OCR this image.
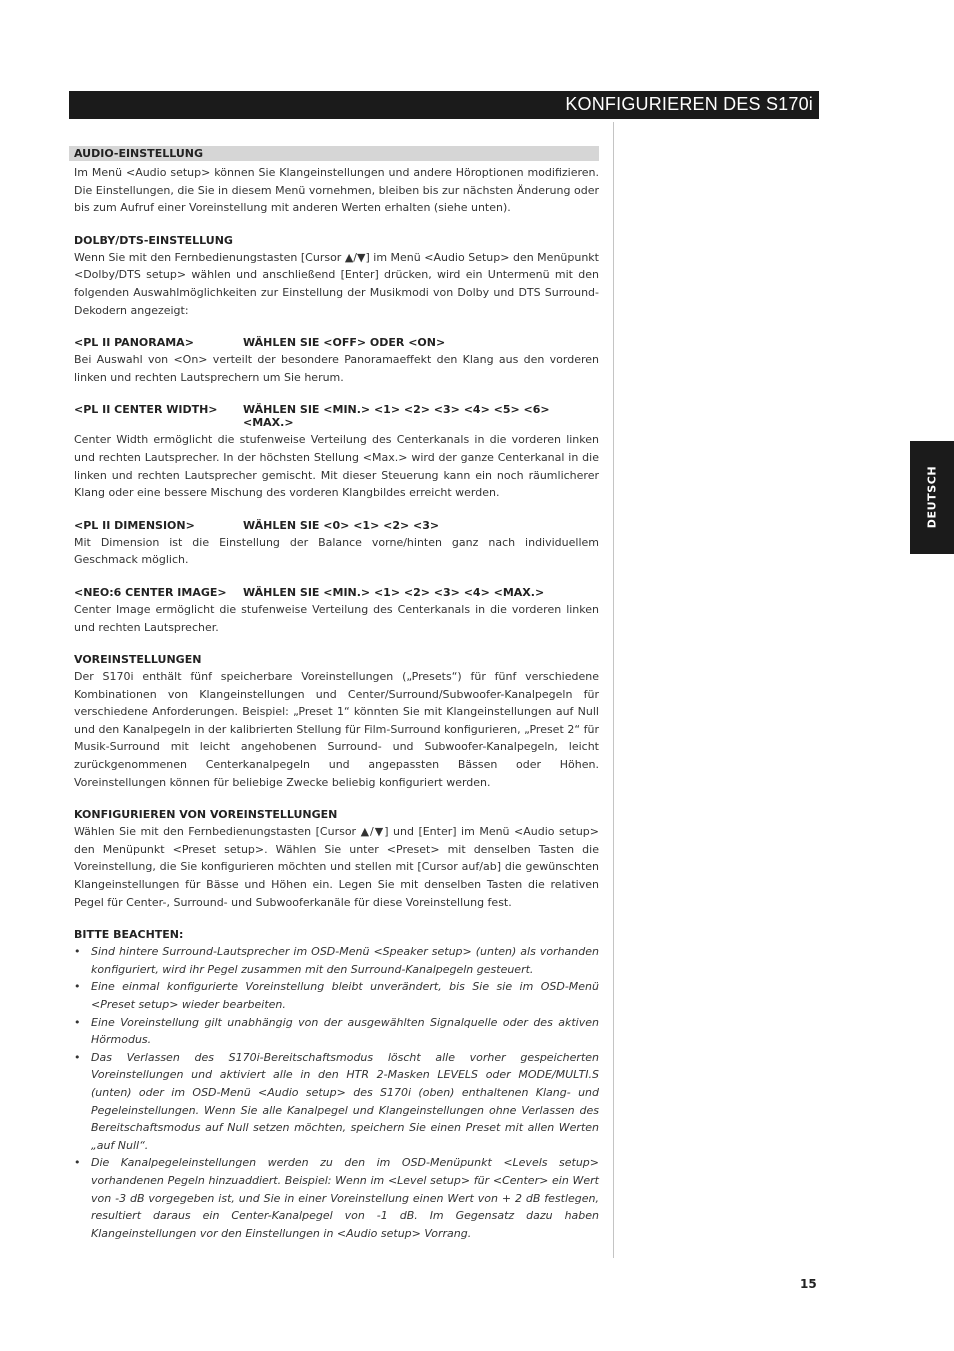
KONFIGURIEREN DES S170i
DEUTSCH
AUDIO-EINSTELLUNG

Im Menü <Audio setup> können Sie Klangeinstellungen und andere Höroptionen modifizieren. Die Einstellungen, die Sie in diesem Menü vornehmen, bleiben bis zur nächsten Änderung oder bis zum Aufruf einer Voreinstellung mit anderen Werten erhalten (siehe unten).

DOLBY/DTS-EINSTELLUNG

Wenn Sie mit den Fernbedienungstasten [Cursor ▲/▼] im Menü <Audio Setup> den Menüpunkt <Dolby/DTS setup> wählen und anschließend [Enter] drücken, wird ein Untermenü mit den folgenden Auswahlmöglichkeiten zur Einstellung der Musikmodi von Dolby und DTS Surround-Dekodern angezeigt:

<PL II PANORAMA>	WÄHLEN SIE <OFF> ODER <ON>

Bei Auswahl von <On> verteilt der besondere Panoramaeffekt den Klang aus den vorderen linken und rechten Lautsprechern um Sie herum.

<PL II CENTER WIDTH>	WÄHLEN SIE <MIN.> <1> <2> <3> <4> <5> <6> <MAX.>

Center Width ermöglicht die stufenweise Verteilung des Centerkanals in die vorderen linken und rechten Lautsprecher. In der höchsten Stellung <Max.> wird der ganze Centerkanal in die linken und rechten Lautsprecher gemischt. Mit dieser Steuerung kann ein noch räumlicherer Klang oder eine bessere Mischung des vorderen Klangbildes erreicht werden.

<PL II DIMENSION>	WÄHLEN SIE <0> <1> <2> <3>

Mit Dimension ist die Einstellung der Balance vorne/hinten ganz nach individuellem Geschmack möglich.

<NEO:6 CENTER IMAGE>	WÄHLEN SIE <MIN.> <1> <2> <3> <4> <MAX.>

Center Image ermöglicht die stufenweise Verteilung des Centerkanals in die vorderen linken und rechten Lautsprecher.

VOREINSTELLUNGEN

Der S170i enthält fünf speicherbare Voreinstellungen („Presets“) für fünf verschiedene Kombinationen von Klangeinstellungen und Center/Surround/Subwoofer-Kanalpegeln für verschiedene Anforderungen. Beispiel: „Preset 1“ könnten Sie mit Klangeinstellungen auf Null und den Kanalpegeln in der kalibrierten Stellung für Film-Surround konfigurieren, „Preset 2“ für Musik-Surround mit leicht angehobenen Surround- und Subwoofer-Kanalpegeln, leicht zurückgenommenen Centerkanalpegeln und angepassten Bässen oder Höhen. Voreinstellungen können für beliebige Zwecke beliebig konfiguriert werden.

KONFIGURIEREN VON VOREINSTELLUNGEN

Wählen Sie mit den Fernbedienungstasten [Cursor ▲/▼] und [Enter] im Menü <Audio setup> den Menüpunkt <Preset setup>. Wählen Sie unter <Preset> mit denselben Tasten die Voreinstellung, die Sie konfigurieren möchten und stellen mit [Cursor auf/ab] die gewünschten Klangeinstellungen für Bässe und Höhen ein. Legen Sie mit denselben Tasten die relativen Pegel für Center-, Surround- und Subwooferkanäle für diese Voreinstellung fest.

BITTE BEACHTEN:
• Sind hintere Surround-Lautsprecher im OSD-Menü <Speaker setup> (unten) als vorhanden konfiguriert, wird ihr Pegel zusammen mit den Surround-Kanalpegeln gesteuert.
• Eine einmal konfigurierte Voreinstellung bleibt unverändert, bis Sie sie im OSD-Menü <Preset setup> wieder bearbeiten.
• Eine Voreinstellung gilt unabhängig von der ausgewählten Signalquelle oder des aktiven Hörmodus.
• Das Verlassen des S170i-Bereitschaftsmodus löscht alle vorher gespeicherten Voreinstellungen und aktiviert alle in den HTR 2-Masken LEVELS oder MODE/MULTI.S (unten) oder im OSD-Menü <Audio setup> des S170i (oben) enthaltenen Klang- und Pegeleinstellungen. Wenn Sie alle Kanalpegel und Klangeinstellungen ohne Verlassen des Bereitschaftsmodus auf Null setzen möchten, speichern Sie einen Preset mit allen Werten „auf Null“.
• Die Kanalpegeleinstellungen werden zu den im OSD-Menüpunkt <Levels setup> vorhandenen Pegeln hinzuaddiert. Beispiel: Wenn im <Level setup> für <Center> ein Wert von -3 dB vorgegeben ist, und Sie in einer Voreinstellung einen Wert von + 2 dB festlegen, resultiert daraus ein Center-Kanalpegel von -1 dB. Im Gegensatz dazu haben Klangeinstellungen vor den Einstellungen in <Audio setup> Vorrang.
15
